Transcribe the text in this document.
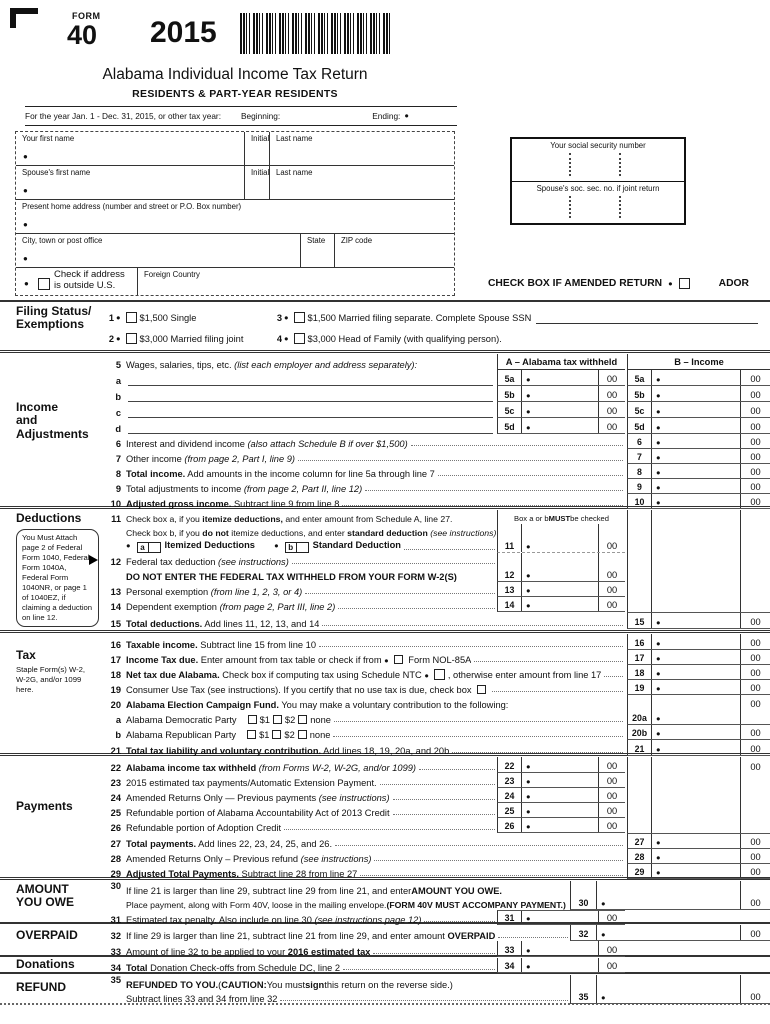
FORM
40 2015
Alabama Individual Income Tax Return
RESIDENTS & PART-YEAR RESIDENTS
For the year Jan. 1 - Dec. 31, 2015, or other tax year: Beginning:	Ending: ●
Your first name
●
Initial Last name
Spouse's first name
●
Initial Last name
Present home address (number and street or P.O. Box number)
●
City, town or post office
●
State	ZIP code
●
Check if address
is outside U.S.
Foreign Country
Your social security number
Spouse's soc. sec. no. if joint return
CHECK BOX IF AMENDED RETURN ●	ADOR
Filing Status/
Exemptions	1 ● $1,500 Single	3 ● $1,500 Married filing separate. Complete Spouse SSN
2 ● $3,000 Married filing joint	4 ● $3,000 Head of Family (with qualifying person).
Income
and
Adjustments
5 Wages, salaries, tips, etc. (list each employer and address separately):	A – Alabama tax withheld	B – Income
a	5a	●	00	5a	●	00
b	5b	●	00	5b	●	00
c	5c	●	00	5c	●	00
d	5d	●	00	5d	●	00
6 Interest and dividend income (also attach Schedule B if over $1,500)	6	●	00
7 Other income (from page 2, Part I, line 9)	7	●	00
8 Total income. Add amounts in the income column for line 5a through line 7	8	●	00
9 Total adjustments to income (from page 2, Part II, line 12)	9	●	00
10 Adjusted gross income. Subtract line 9 from line 8	10	●	00
Deductions
You Must Attach page 2 of Federal Form 1040, Federal Form 1040A, Federal Form 1040NR, or page 1 of 1040EZ, if claiming a deduction on line 12.
11 Check box a, if you itemize deductions, and enter amount from Schedule A, line 27.	Box a or b MUST be checked
Check box b, if you do not itemize deductions, and enter standard deduction (see instructions)
●	a	Itemized Deductions	●	b	Standard Deduction	11	●	00
12 Federal tax deduction (see instructions)
DO NOT ENTER THE FEDERAL TAX WITHHELD FROM YOUR FORM W-2(S)	12	●	00
13 Personal exemption (from line 1, 2, 3, or 4)	13	●	00
14 Dependent exemption (from page 2, Part III, line 2)	14	●	00
15 Total deductions. Add lines 11, 12, 13, and 14	15	●	00
Tax
Staple Form(s) W-2, W-2G, and/or 1099 here.
16 Taxable income. Subtract line 15 from line 10	16	●	00
17 Income Tax due. Enter amount from tax table or check if from ● Form NOL-85A	17	●	00
18 Net tax due Alabama. Check box if computing tax using Schedule NTC ● , otherwise enter amount from line 17	18	●	00
19 Consumer Use Tax (see instructions). If you certify that no use tax is due, check box	19	●	00
20 Alabama Election Campaign Fund. You may make a voluntary contribution to the following:	00
a Alabama Democratic Party $1 $2 none	20a	●
b Alabama Republican Party $1 $2 none	20b	●	00
21 Total tax liability and voluntary contribution. Add lines 18, 19, 20a, and 20b	21	●	00
Payments
22 Alabama income tax withheld (from Forms W-2, W-2G, and/or 1099)	22	●	00	00
23 2015 estimated tax payments/Automatic Extension Payment.	23	●	00
24 Amended Returns Only — Previous payments (see instructions)	24	●	00
25 Refundable portion of Alabama Accountability Act of 2013 Credit	25	●	00
26 Refundable portion of Adoption Credit	26	●	00
27 Total payments. Add lines 22, 23, 24, 25, and 26.	27	●	00
28 Amended Returns Only – Previous refund (see instructions)	28	●	00
29 Adjusted Total Payments. Subtract line 28 from line 27	29	●	00
AMOUNT
YOU OWE
30 If line 21 is larger than line 29, subtract line 29 from line 21, and enter AMOUNT YOU OWE.
Place payment, along with Form 40V, loose in the mailing envelope. (FORM 40V MUST ACCOMPANY PAYMENT.)	30	●	00
31 Estimated tax penalty. Also include on line 30 (see instructions page 12)	31	●	00
OVERPAID	32 If line 29 is larger than line 21, subtract line 21 from line 29, and enter amount OVERPAID	32	●	00
33 Amount of line 32 to be applied to your 2016 estimated tax	33	●	00
Donations	34 Total Donation Check-offs from Schedule DC, line 2	34	●	00
REFUND	35 REFUNDED TO YOU. ( CAUTION: You must sign this return on the reverse side.)
Subtract lines 33 and 34 from line 32	35	●	00
